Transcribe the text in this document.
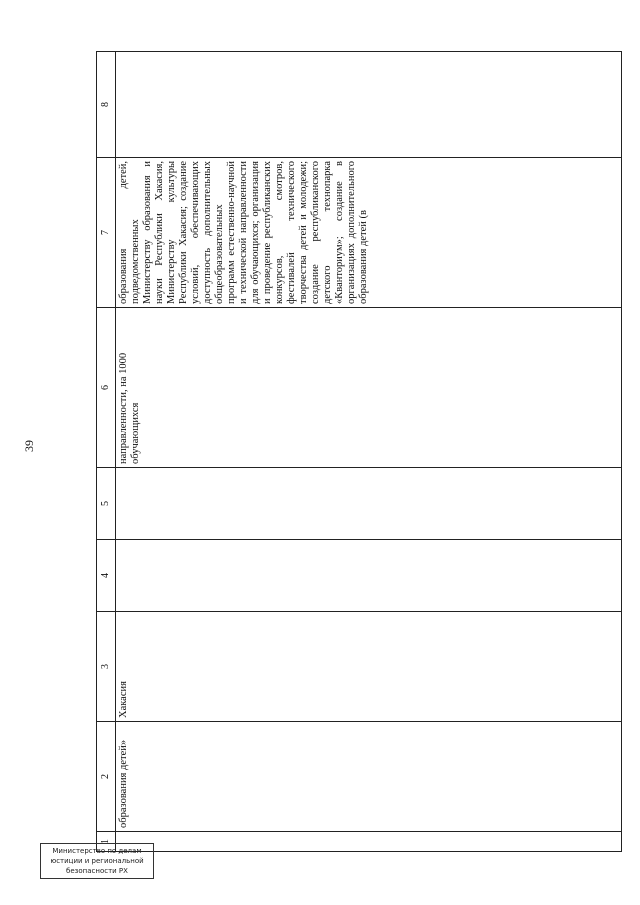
39
1	2	3	4	5	6	7	8
	образования детей»	Хакасия			направленности, на 1000 обучающихся	образования детей, подведомственных Министерству образования и науки Республики Хакасия, Министерству культуры Республики Хакасия; создание условий, обеспечивающих доступность дополнительных общеобразовательных программ естественно-научной и технической направленности для обучающихся; организация и проведение республиканских конкурсов, смотров, фестивалей технического творчества детей и молодежи; создание республиканского детского технопарка «Кванториум»; создание в организациях дополнительного образования детей (в	
Министерство по делам
юстиции и региональной
безопасности РХ
